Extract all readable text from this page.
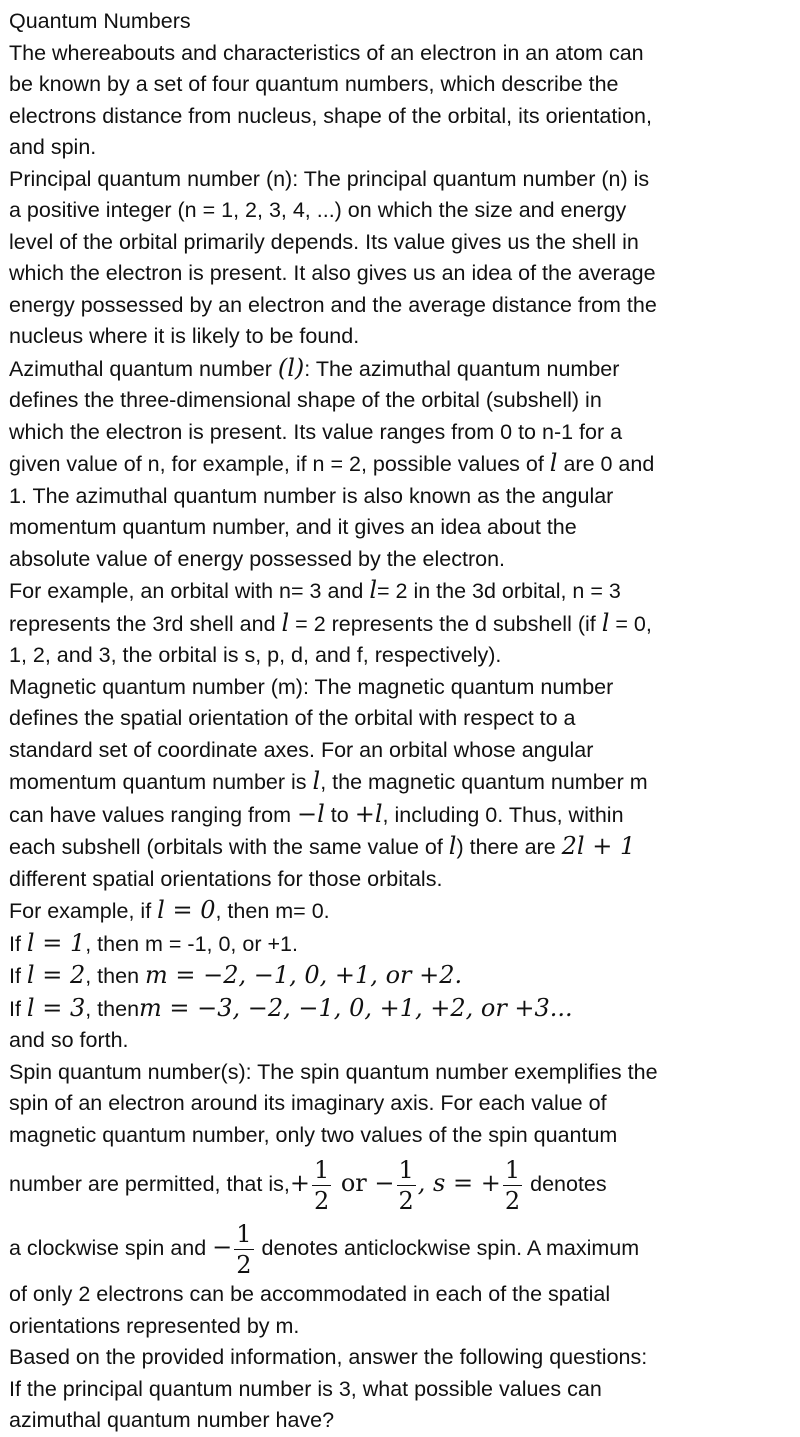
Quantum Numbers
The whereabouts and characteristics of an electron in an atom can
be known by a set of four quantum numbers, which describe the
electrons distance from nucleus, shape of the orbital, its orientation,
and spin.
Principal quantum number (n): The principal quantum number (n) is
a positive integer (n = 1, 2, 3, 4, ...) on which the size and energy
level of the orbital primarily depends. Its value gives us the shell in
which the electron is present. It also gives us an idea of the average
energy possessed by an electron and the average distance from the
nucleus where it is likely to be found.
Azimuthal quantum number (l): The azimuthal quantum number
defines the three-dimensional shape of the orbital (subshell) in
which the electron is present. Its value ranges from 0 to n-1 for a
given value of n, for example, if n = 2, possible values of l are 0 and
1. The azimuthal quantum number is also known as the angular
momentum quantum number, and it gives an idea about the
absolute value of energy possessed by the electron.
For example, an orbital with n= 3 and l= 2 in the 3d orbital, n = 3
represents the 3rd shell and l = 2 represents the d subshell (if l = 0,
1, 2, and 3, the orbital is s, p, d, and f, respectively).
Magnetic quantum number (m): The magnetic quantum number
defines the spatial orientation of the orbital with respect to a
standard set of coordinate axes. For an orbital whose angular
momentum quantum number is l, the magnetic quantum number m
can have values ranging from −l to +l, including 0. Thus, within
each subshell (orbitals with the same value of l) there are 2l + 1
different spatial orientations for those orbitals.
For example, if l = 0, then m= 0.
If l = 1, then m = -1, 0, or +1.
If l = 2, then m = −2, −1, 0, +1, or +2.
If l = 3, thenm = −3, −2, −1, 0, +1, +2, or +3...
and so forth.
Spin quantum number(s): The spin quantum number exemplifies the
spin of an electron around its imaginary axis. For each value of
magnetic quantum number, only two values of the spin quantum
number are permitted, that $is,+ \frac{1}{2}$ or − $\frac{1}{2}$ , s = + $\frac{1}{2}$ denotes
a clockwise spin and − $\frac{1}{2}$ denotes anticlockwise spin. A maximum
of only 2 electrons can be accommodated in each of the spatial
orientations represented by m.
Based on the provided information, answer the following questions:
If the principal quantum number is 3, what possible values can
azimuthal quantum number have?
